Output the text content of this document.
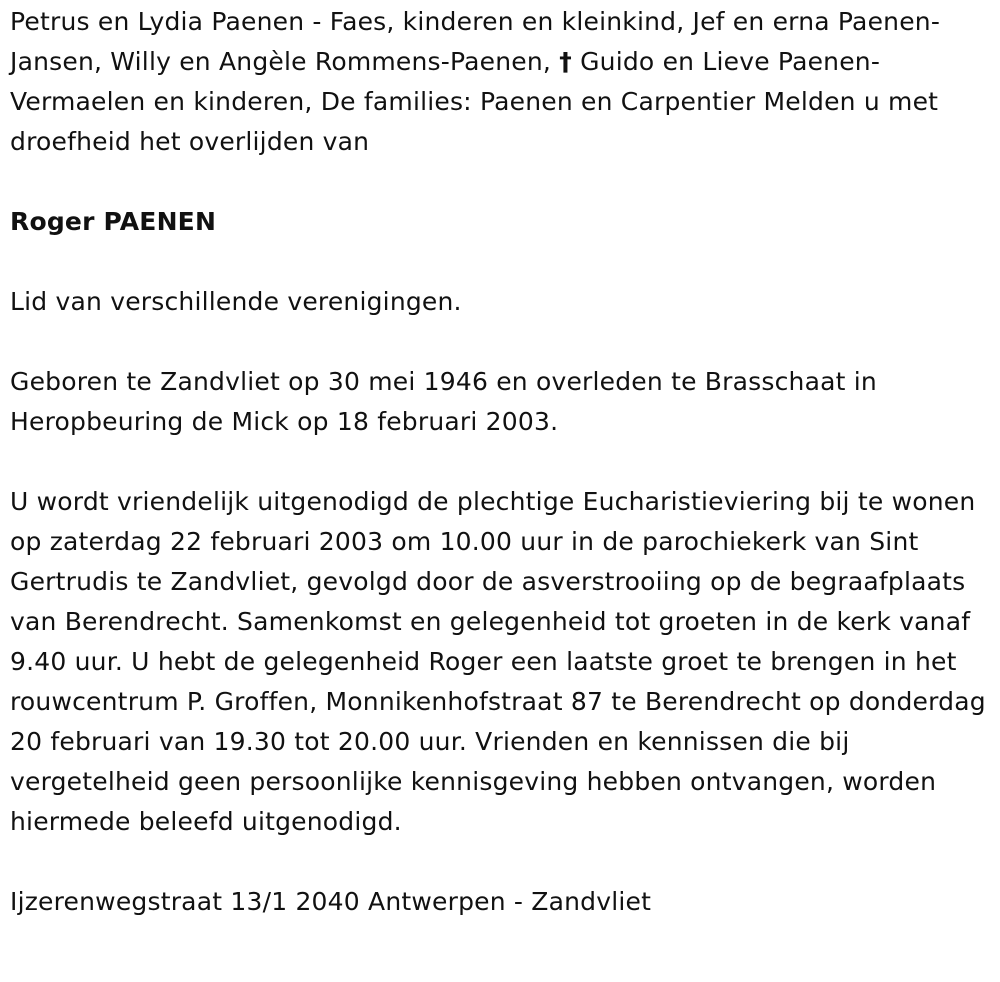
Petrus en Lydia Paenen - Faes, kinderen en kleinkind, Jef en erna Paenen-Jansen, Willy en Angèle Rommens-Paenen, † Guido en Lieve Paenen-Vermaelen en kinderen, De families: Paenen en Carpentier Melden u met droefheid het overlijden van

Roger PAENEN

Lid van verschillende verenigingen.

Geboren te Zandvliet op 30 mei 1946 en overleden te Brasschaat in Heropbeuring de Mick op 18 februari 2003.

U wordt vriendelijk uitgenodigd de plechtige Eucharistieviering bij te wonen op zaterdag 22 februari 2003 om 10.00 uur in de parochiekerk van Sint Gertrudis te Zandvliet, gevolgd door de asverstrooiing op de begraafplaats van Berendrecht. Samenkomst en gelegenheid tot groeten in de kerk vanaf 9.40 uur. U hebt de gelegenheid Roger een laatste groet te brengen in het rouwcentrum P. Groffen, Monnikenhofstraat 87 te Berendrecht op donderdag 20 februari van 19.30 tot 20.00 uur. Vrienden en kennissen die bij vergetelheid geen persoonlijke kennisgeving hebben ontvangen, worden hiermede beleefd uitgenodigd.

Ijzerenwegstraat 13/1 2040 Antwerpen - Zandvliet
